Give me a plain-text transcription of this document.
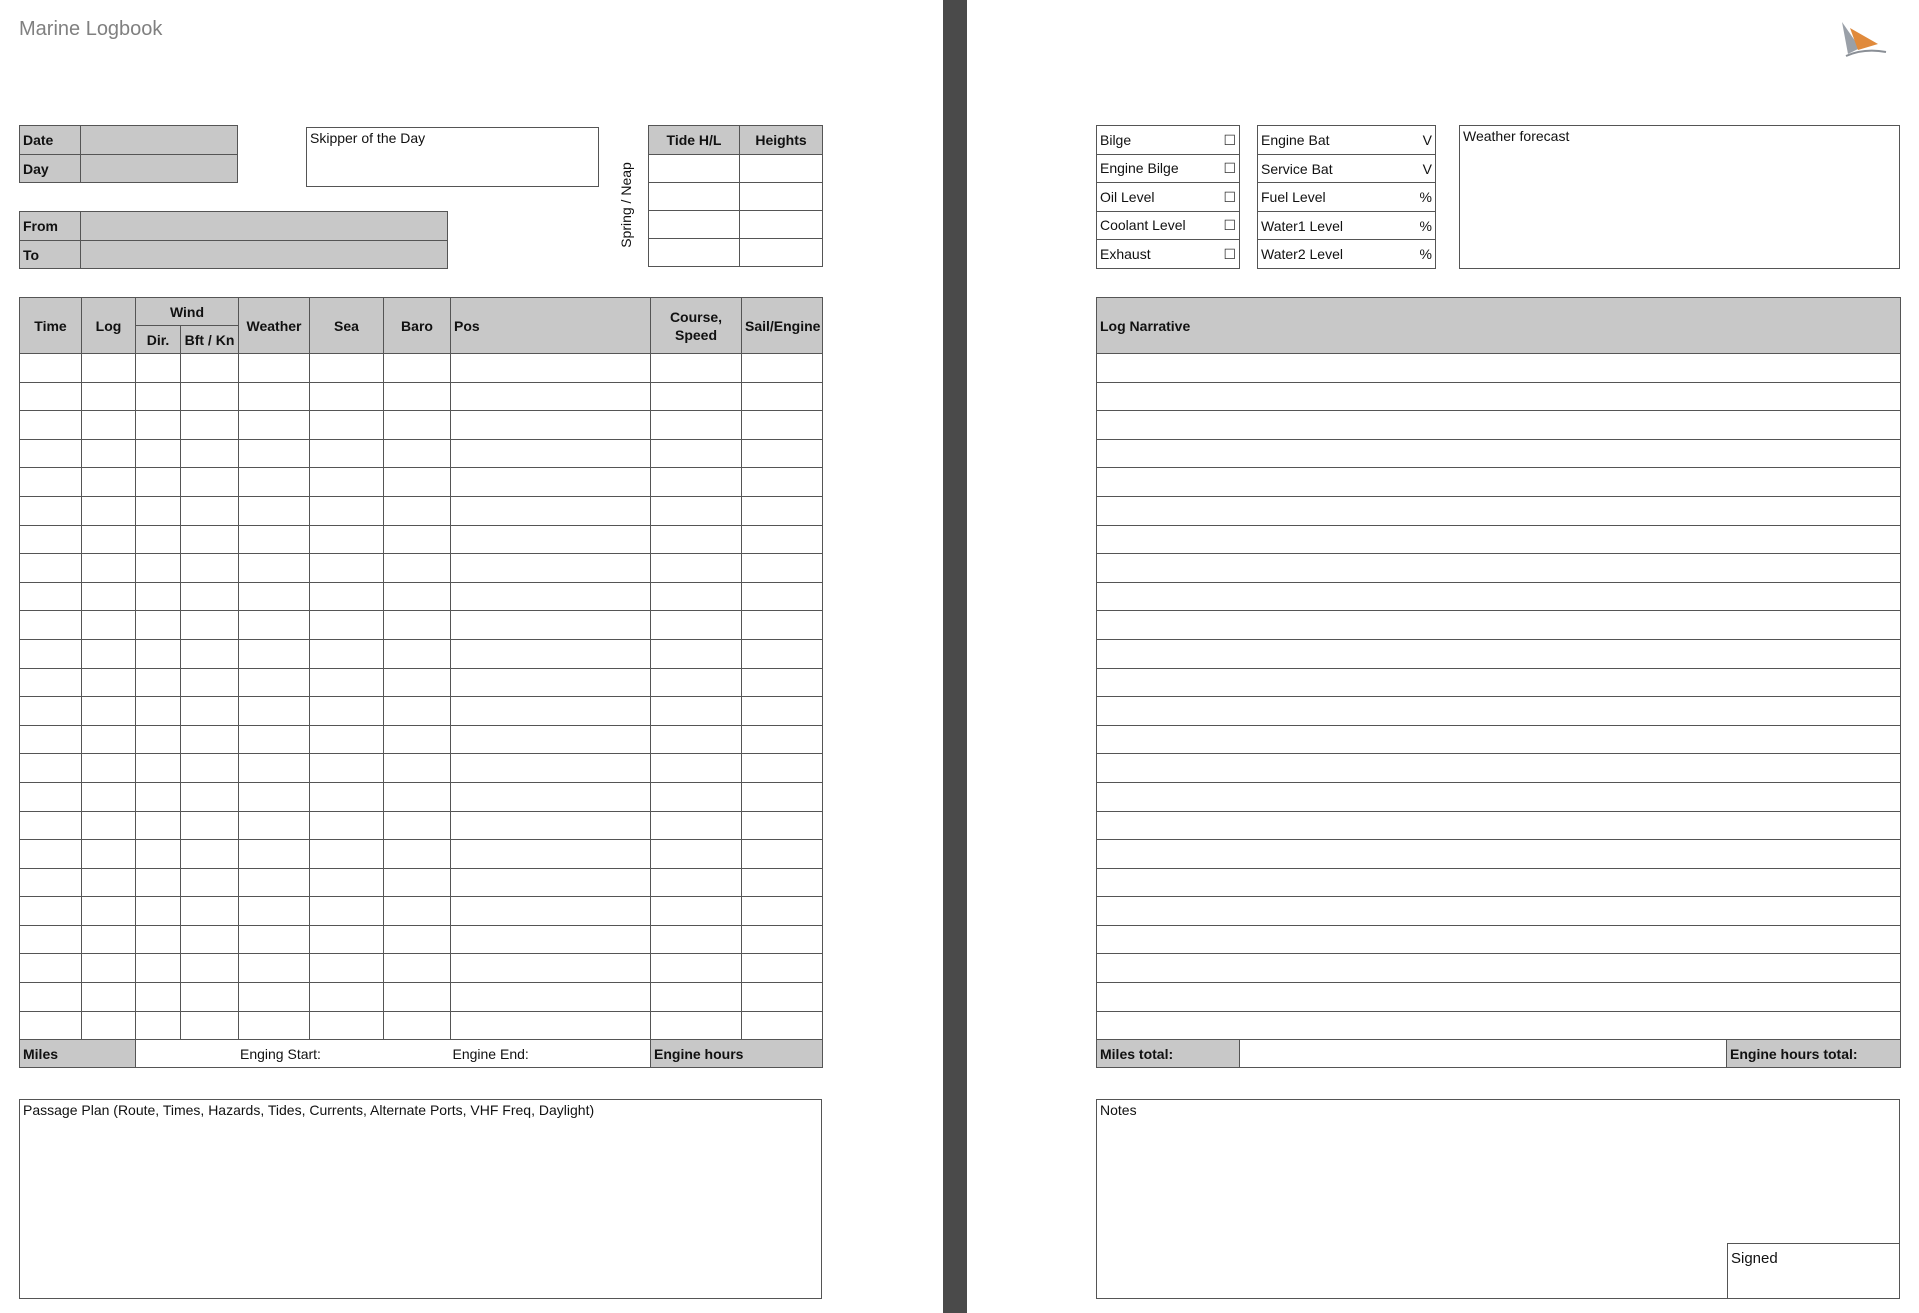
Marine Logbook
Date	
Day	
From	
To	
Skipper of the Day
Spring / Neap
Tide H/L	Heights

Time	Log	Wind		Weather	Sea	Baro	Pos	Course, Speed	Sail/Engine
		Dir.	Bft / Kn						

Miles		Enging Start:					Engine End:	Engine hours	
Passage Plan (Route, Times, Hazards, Tides, Currents, Alternate Ports, VHF Freq, Daylight)
Bilge	☐

Engine Bilge	☐

Oil Level	☐

Coolant Level	☐

Exhaust	☐
Engine Bat	V

Service Bat	V

Fuel Level	%

Water1 Level	%

Water2 Level	%
Weather forecast
Log Narrative

Miles total:		Engine hours total:
Notes
Signed
